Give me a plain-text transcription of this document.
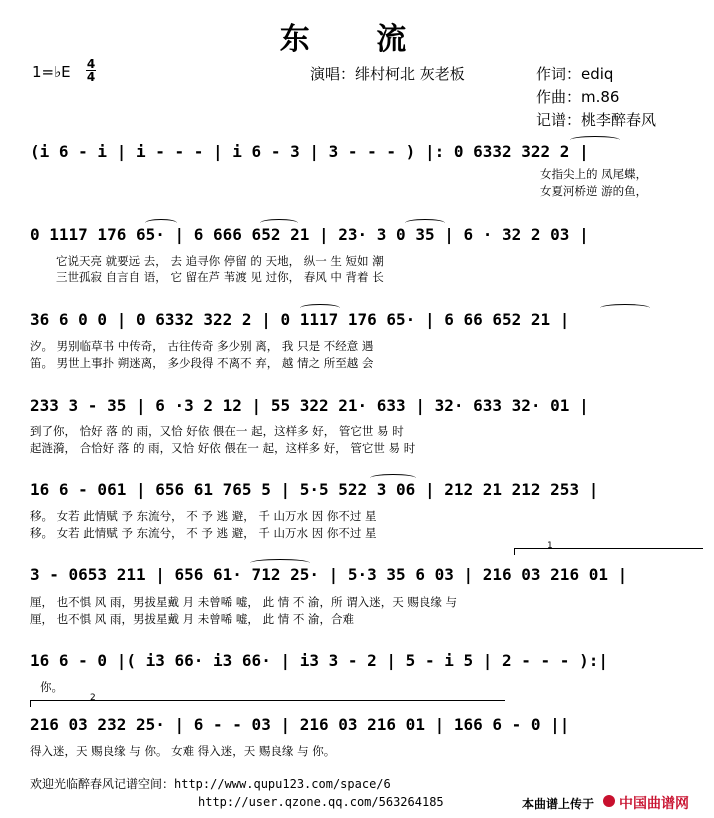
东 流
1=♭E 4
4	演唱：绯村柯北 灰老板	作词：ediq
作曲：m.86
记谱：桃李醉春风
(i 6 - i | i - - - | i 6 - 3 | 3 - - - ) |: 0 6332 322 2 |
女指尖上的 凤尾蝶，
女夏河桥逆 游的鱼，
0 1117 176 65· | 6 666 652 21 | 23· 3 0 35 | 6 · 32 2 03 |
它说天亮 就要远 去， 去 追寻你 停留 的 天地， 纵一 生 短如 潮
三世孤寂 自言自 语， 它 留在芦 苇渡 见 过你， 春风 中 背着 长
36 6 0 0 | 0 6332 322 2 | 0 1117 176 65· | 6 66 652 21 |
汐。 男别临草书 中传奇， 古往传奇 多少别 离， 我 只是 不经意 遇
笛。 男世上事扑 朔迷离， 多少段得 不离不 弃， 越 情之 所至越 会
233 3 - 35 | 6 ·3 2 12 | 55 322 21· 633 | 32· 633 32· 01 |
到了你， 恰好 落 的 雨，又恰 好依 偎在一 起，这样多 好， 管它世 易 时
起涟漪， 合恰好 落 的 雨，又恰 好依 偎在一 起，这样多 好， 管它世 易 时
16 6 - 061 | 656 61 765 5 | 5·5 522 3 06 | 212 21 212 253 |
移。 女若 此情赋 予 东流兮， 不 予 逃 避， 千 山万水 因 你不过 星
移。 女若 此情赋 予 东流兮， 不 予 逃 避， 千 山万水 因 你不过 星
1
3 - 0653 211 | 656 61· 712 25· | 5·3 35 6 03 | 216 03 216 01 |
厘， 也不惧 风 雨，男拔星戴 月 未曾唏 嘘， 此 情 不 渝，所 谓入迷，天 赐良缘 与
厘， 也不惧 风 雨，男拔星戴 月 未曾唏 嘘， 此 情 不 渝，合难
16 6 - 0 |( i3 66· i3 66· | i3 3 - 2 | 5 - i 5 | 2 - - - ):|
你。
2
216 03 232 25· | 6 - - 03 | 216 03 216 01 | 166 6 - 0 ||
得入迷，天 赐良缘 与 你。 女难 得入迷，天 赐良缘 与 你。
欢迎光临醉春风记谱空间：http://www.qupu123.com/space/6
http://user.qzone.qq.com/563264185	本曲谱上传于 中国曲谱网
